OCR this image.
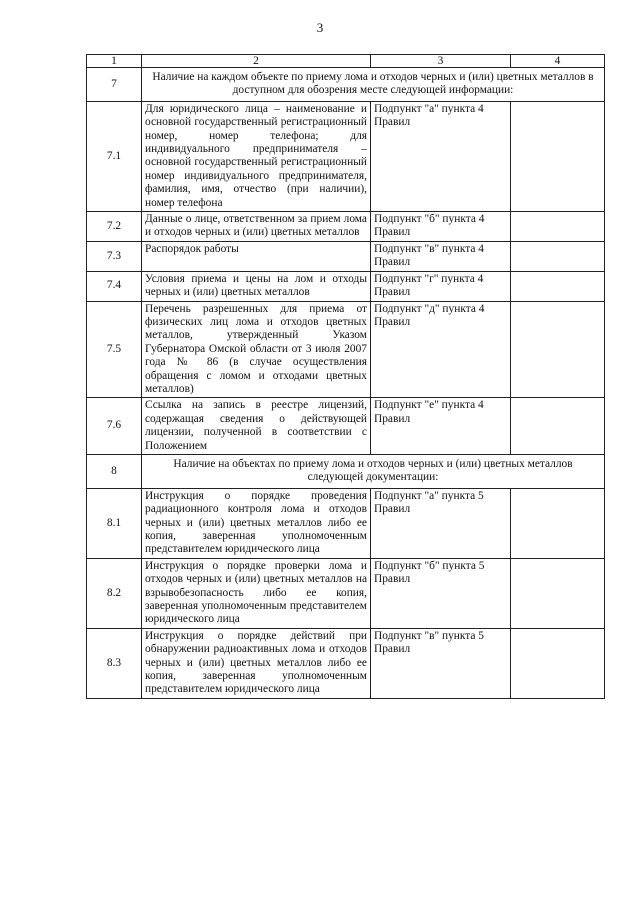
3
1	2	3	4
7	Наличие на каждом объекте по приему лома и отходов черных и (или) цветных металлов в доступном для обозрения месте следующей информации:		
7.1	Для юридического лица – наименование и основной государственный регистрационный номер, номер телефона; для индивидуального предпринимателя – основной государственный регистрационный номер индивидуального предпринимателя, фамилия, имя, отчество (при наличии), номер телефона	Подпункт "а" пункта 4 Правил	
7.2	Данные о лице, ответственном за прием лома и отходов черных и (или) цветных металлов	Подпункт "б" пункта 4 Правил	
7.3	Распорядок работы	Подпункт "в" пункта 4 Правил	
7.4	Условия приема и цены на лом и отходы черных и (или) цветных металлов	Подпункт "г" пункта 4 Правил	
7.5	Перечень разрешенных для приема от физических лиц лома и отходов цветных металлов, утвержденный Указом Губернатора Омской области от 3 июля 2007 года № 86 (в случае осуществления обращения с ломом и отходами цветных металлов)	Подпункт "д" пункта 4 Правил	
7.6	Ссылка на запись в реестре лицензий, содержащая сведения о действующей лицензии, полученной в соответствии с Положением	Подпункт "е" пункта 4 Правил	
8	Наличие на объектах по приему лома и отходов черных и (или) цветных металлов следующей документации:		
8.1	Инструкция о порядке проведения радиационного контроля лома и отходов черных и (или) цветных металлов либо ее копия, заверенная уполномоченным представителем юридического лица	Подпункт "а" пункта 5 Правил	
8.2	Инструкция о порядке проверки лома и отходов черных и (или) цветных металлов на взрывобезопасность либо ее копия, заверенная уполномоченным представителем юридического лица	Подпункт "б" пункта 5 Правил	
8.3	Инструкция о порядке действий при обнаружении радиоактивных лома и отходов черных и (или) цветных металлов либо ее копия, заверенная уполномоченным представителем юридического лица	Подпункт "в" пункта 5 Правил	
